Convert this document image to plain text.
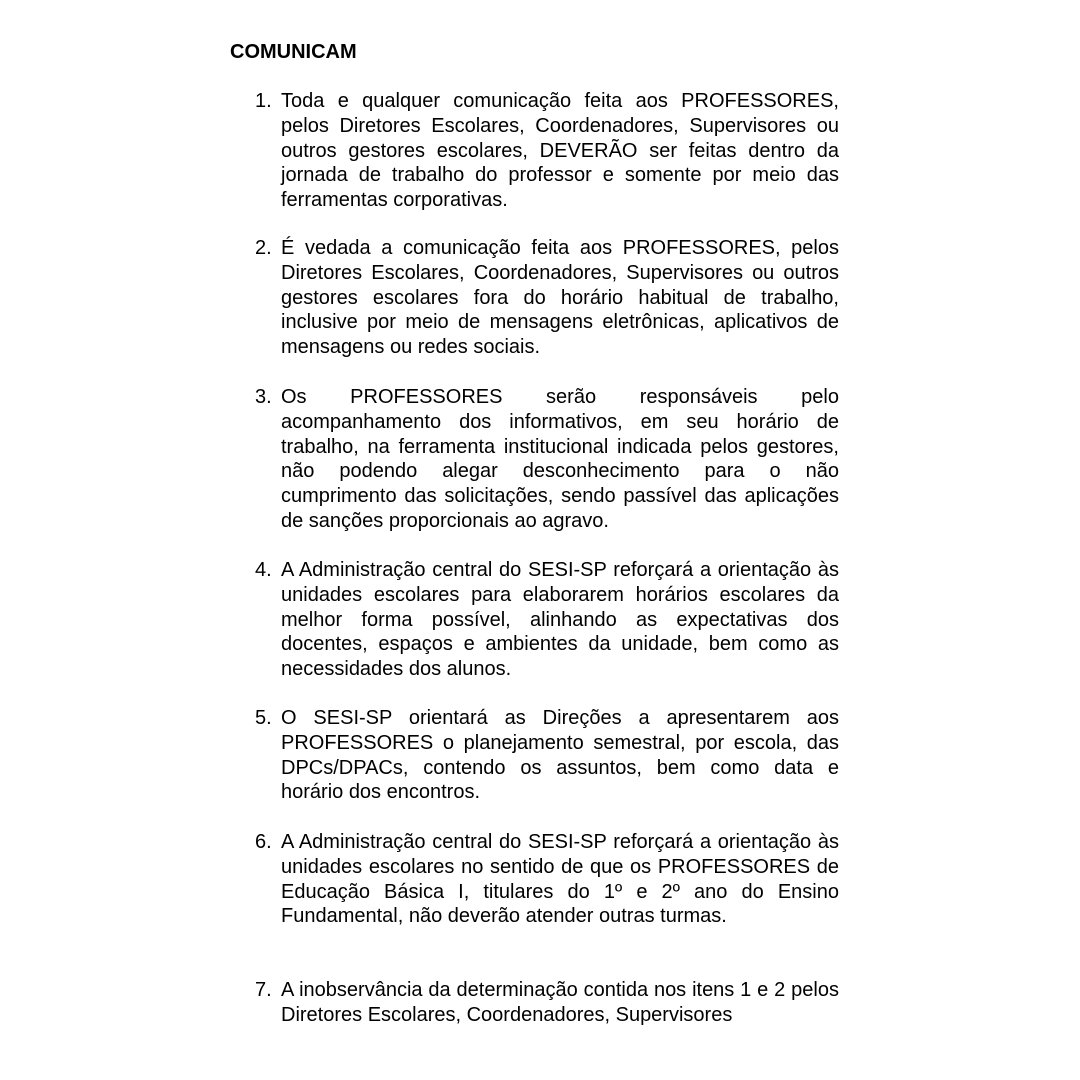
COMUNICAM
1. Toda e qualquer comunicação feita aos PROFESSORES, pelos Diretores Escolares, Coordenadores, Supervisores ou outros gestores escolares, DEVERÃO ser feitas dentro da jornada de trabalho do professor e somente por meio das ferramentas corporativas.
2. É vedada a comunicação feita aos PROFESSORES, pelos Diretores Escolares, Coordenadores, Supervisores ou outros gestores escolares fora do horário habitual de trabalho, inclusive por meio de mensagens eletrônicas, aplicativos de mensagens ou redes sociais.
3. Os PROFESSORES serão responsáveis pelo acompanhamento dos informativos, em seu horário de trabalho, na ferramenta institucional indicada pelos gestores, não podendo alegar desconhecimento para o não cumprimento das solicitações, sendo passível das aplicações de sanções proporcionais ao agravo.
4. A Administração central do SESI-SP reforçará a orientação às unidades escolares para elaborarem horários escolares da melhor forma possível, alinhando as expectativas dos docentes, espaços e ambientes da unidade, bem como as necessidades dos alunos.
5. O SESI-SP orientará as Direções a apresentarem aos PROFESSORES o planejamento semestral, por escola, das DPCs/DPACs, contendo os assuntos, bem como data e horário dos encontros.
6. A Administração central do SESI-SP reforçará a orientação às unidades escolares no sentido de que os PROFESSORES de Educação Básica I, titulares do 1º e 2º ano do Ensino Fundamental, não deverão atender outras turmas.
7. A inobservância da determinação contida nos itens 1 e 2 pelos Diretores Escolares, Coordenadores, Supervisores
